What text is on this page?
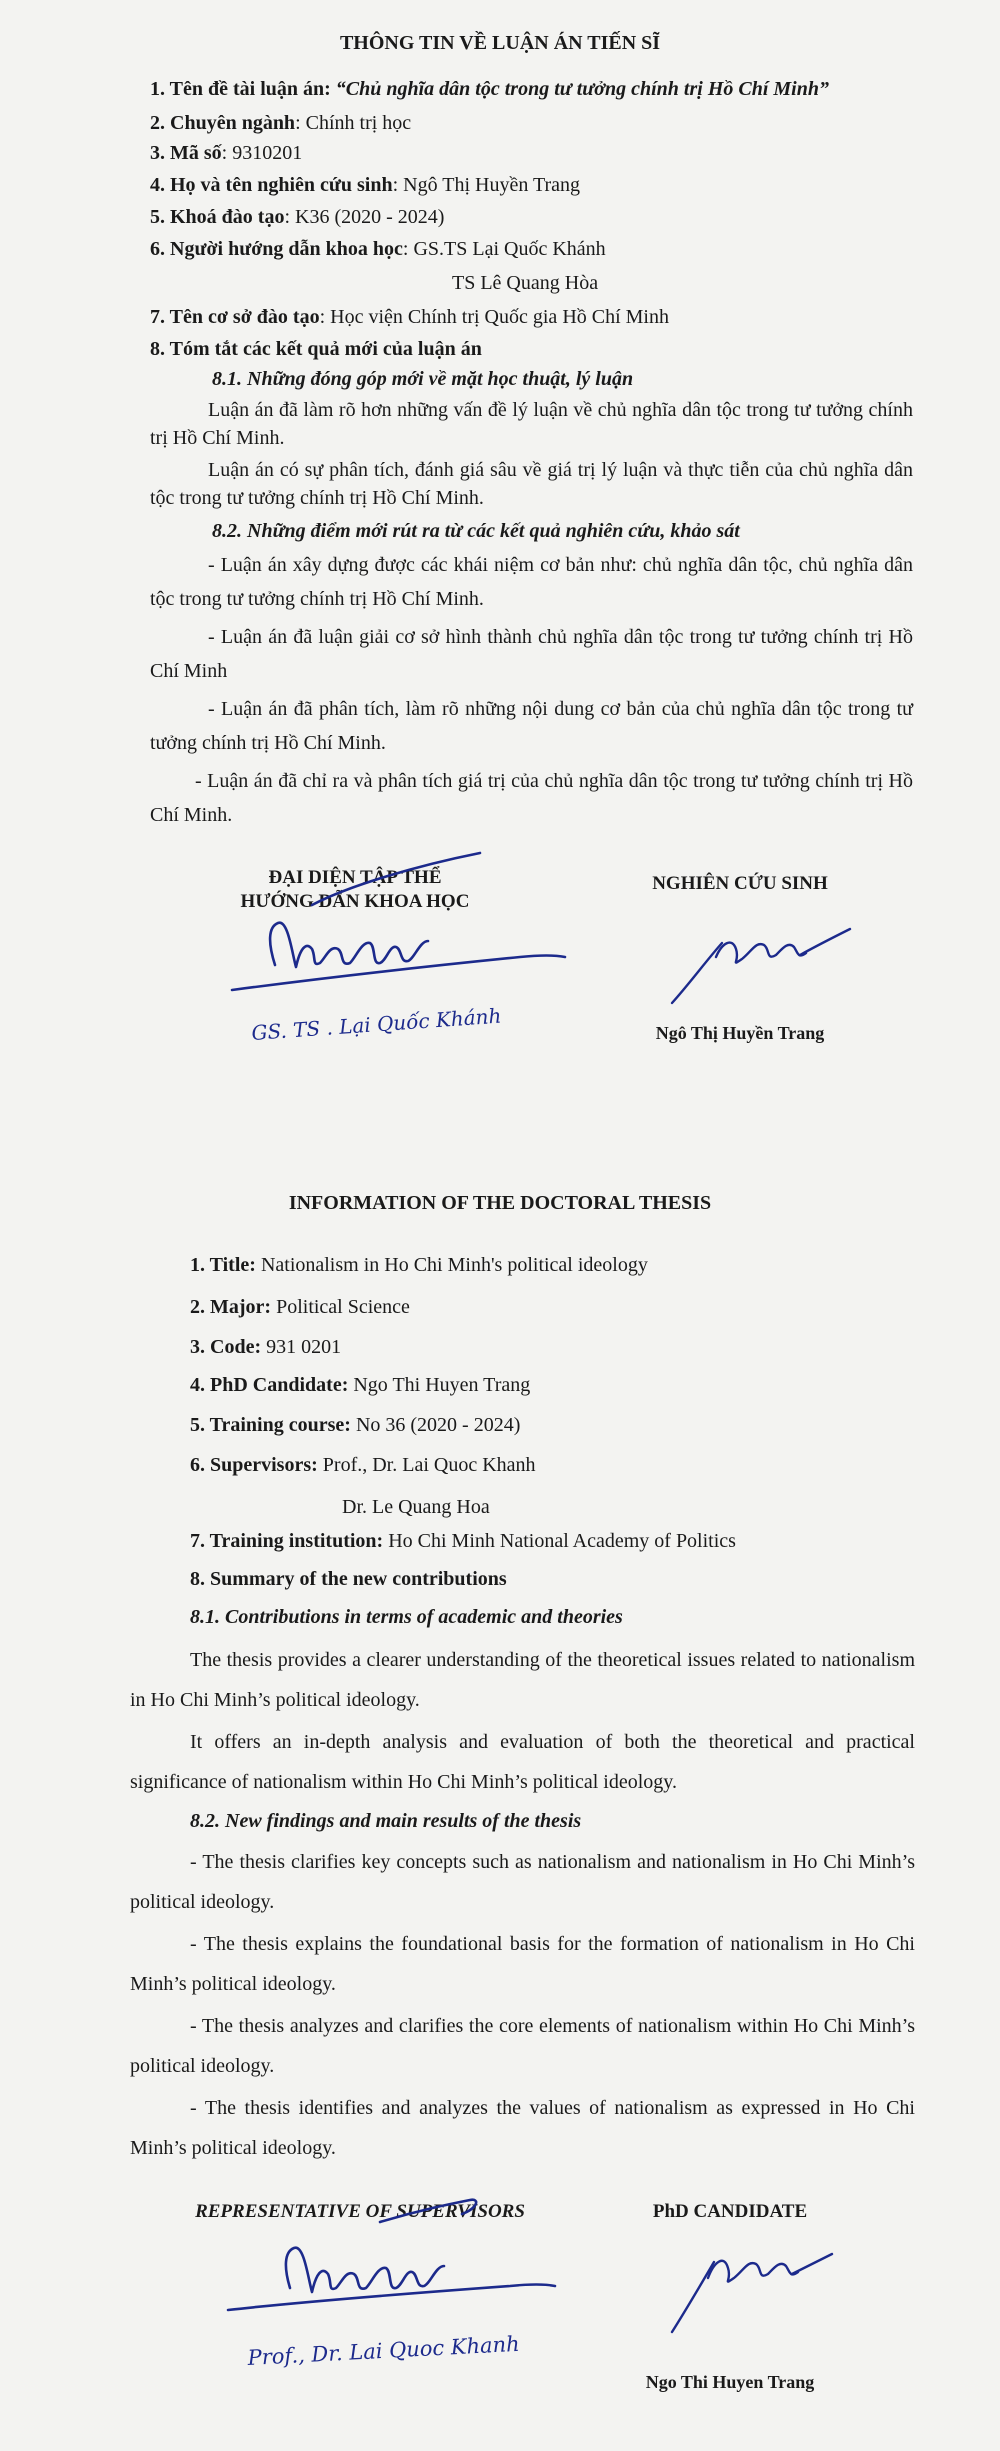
THÔNG TIN VỀ LUẬN ÁN TIẾN SĨ
1. Tên đề tài luận án: “Chủ nghĩa dân tộc trong tư tưởng chính trị Hồ Chí Minh”
2. Chuyên ngành: Chính trị học
3. Mã số: 9310201
4. Họ và tên nghiên cứu sinh: Ngô Thị Huyền Trang
5. Khoá đào tạo: K36 (2020 - 2024)
6. Người hướng dẫn khoa học: GS.TS Lại Quốc Khánh
TS Lê Quang Hòa
7. Tên cơ sở đào tạo: Học viện Chính trị Quốc gia Hồ Chí Minh
8. Tóm tắt các kết quả mới của luận án
8.1. Những đóng góp mới về mặt học thuật, lý luận
Luận án đã làm rõ hơn những vấn đề lý luận về chủ nghĩa dân tộc trong tư tưởng chính trị Hồ Chí Minh.
Luận án có sự phân tích, đánh giá sâu về giá trị lý luận và thực tiễn của chủ nghĩa dân tộc trong tư tưởng chính trị Hồ Chí Minh.
8.2. Những điểm mới rút ra từ các kết quả nghiên cứu, khảo sát
- Luận án xây dựng được các khái niệm cơ bản như: chủ nghĩa dân tộc, chủ nghĩa dân tộc trong tư tưởng chính trị Hồ Chí Minh.
- Luận án đã luận giải cơ sở hình thành chủ nghĩa dân tộc trong tư tưởng chính trị Hồ Chí Minh
- Luận án đã phân tích, làm rõ những nội dung cơ bản của chủ nghĩa dân tộc trong tư tưởng chính trị Hồ Chí Minh.
- Luận án đã chỉ ra và phân tích giá trị của chủ nghĩa dân tộc trong tư tưởng chính trị Hồ Chí Minh.
ĐẠI DIỆN TẬP THỂ
HƯỚNG DẪN KHOA HỌC
GS. TS . Lại Quốc Khánh
NGHIÊN CỨU SINH
Ngô Thị Huyền Trang
INFORMATION OF THE DOCTORAL THESIS
1. Title: Nationalism in Ho Chi Minh's political ideology
2. Major: Political Science
3. Code: 931 0201
4. PhD Candidate: Ngo Thi Huyen Trang
5. Training course: No 36 (2020 - 2024)
6. Supervisors: Prof., Dr. Lai Quoc Khanh
Dr. Le Quang Hoa
7. Training institution: Ho Chi Minh National Academy of Politics
8. Summary of the new contributions
8.1. Contributions in terms of academic and theories
The thesis provides a clearer understanding of the theoretical issues related to nationalism in Ho Chi Minh’s political ideology.
It offers an in-depth analysis and evaluation of both the theoretical and practical significance of nationalism within Ho Chi Minh’s political ideology.
8.2. New findings and main results of the thesis
- The thesis clarifies key concepts such as nationalism and nationalism in Ho Chi Minh’s political ideology.
- The thesis explains the foundational basis for the formation of nationalism in Ho Chi Minh’s political ideology.
- The thesis analyzes and clarifies the core elements of nationalism within Ho Chi Minh’s political ideology.
- The thesis identifies and analyzes the values of nationalism as expressed in Ho Chi Minh’s political ideology.
REPRESENTATIVE OF SUPERVISORS
Prof., Dr. Lai Quoc Khanh
PhD CANDIDATE
Ngo Thi Huyen Trang
